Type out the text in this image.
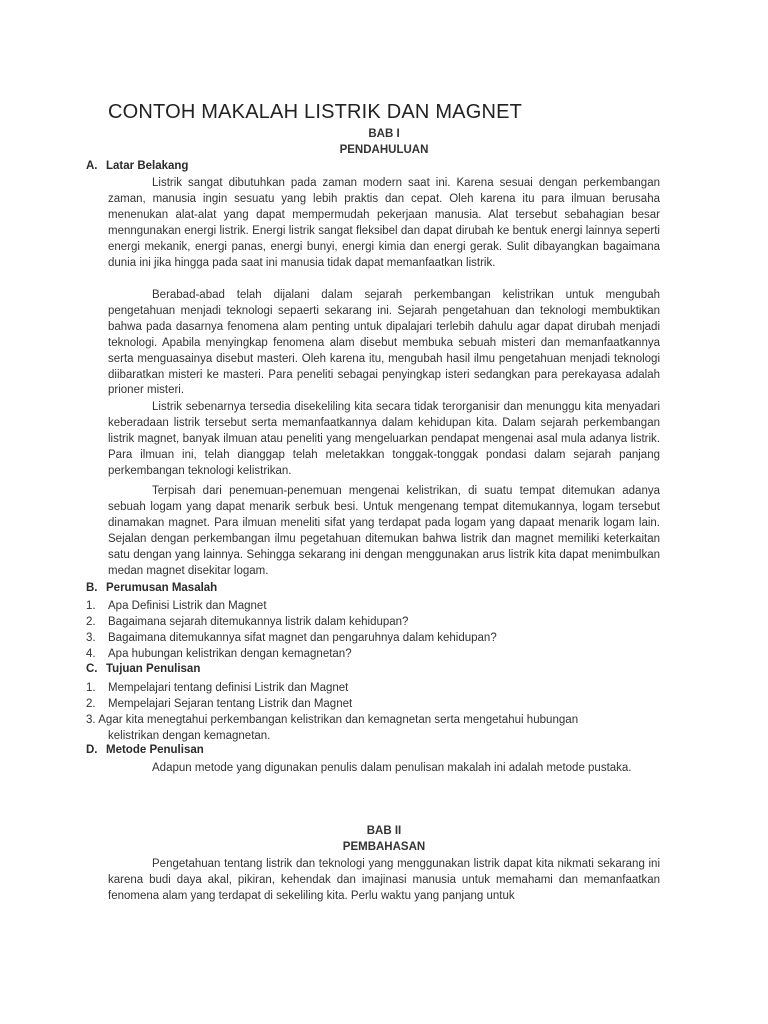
CONTOH MAKALAH LISTRIK DAN MAGNET
BAB I
PENDAHULUAN
A. Latar Belakang

Listrik sangat dibutuhkan pada zaman modern saat ini. Karena sesuai dengan perkembangan zaman, manusia ingin sesuatu yang lebih praktis dan cepat. Oleh karena itu para ilmuan berusaha menenukan alat-alat yang dapat mempermudah pekerjaan manusia. Alat tersebut sebahagian besar menngunakan energi listrik. Energi listrik sangat fleksibel dan dapat dirubah ke bentuk energi lainnya seperti energi mekanik, energi panas, energi bunyi, energi kimia dan energi gerak. Sulit dibayangkan bagaimana dunia ini jika hingga pada saat ini manusia tidak dapat memanfaatkan listrik.

Berabad-abad telah dijalani dalam sejarah perkembangan kelistrikan untuk mengubah pengetahuan menjadi teknologi sepaerti sekarang ini. Sejarah pengetahuan dan teknologi membuktikan bahwa pada dasarnya fenomena alam penting untuk dipalajari terlebih dahulu agar dapat dirubah menjadi teknologi. Apabila menyingkap fenomena alam disebut membuka sebuah misteri dan memanfaatkannya serta menguasainya disebut masteri. Oleh karena itu, mengubah hasil ilmu pengetahuan menjadi teknologi diibaratkan misteri ke masteri. Para peneliti sebagai penyingkap isteri sedangkan para perekayasa adalah prioner misteri.

Listrik sebenarnya tersedia disekeliling kita secara tidak terorganisir dan menunggu kita menyadari keberadaan listrik tersebut serta memanfaatkannya dalam kehidupan kita. Dalam sejarah perkembangan listrik magnet, banyak ilmuan atau peneliti yang mengeluarkan pendapat mengenai asal mula adanya listrik. Para ilmuan ini, telah dianggap telah meletakkan tonggak-tonggak pondasi dalam sejarah panjang perkembangan teknologi kelistrikan.

Terpisah dari penemuan-penemuan mengenai kelistrikan, di suatu tempat ditemukan adanya sebuah logam yang dapat menarik serbuk besi. Untuk mengenang tempat ditemukannya, logam tersebut dinamakan magnet. Para ilmuan meneliti sifat yang terdapat pada logam yang dapaat menarik logam lain. Sejalan dengan perkembangan ilmu pegetahuan ditemukan bahwa listrik dan magnet memiliki keterkaitan satu dengan yang lainnya. Sehingga sekarang ini dengan menggunakan arus listrik kita dapat menimbulkan medan magnet disekitar logam.

B. Perumusan Masalah
1. Apa Definisi Listrik dan Magnet
2. Bagaimana sejarah ditemukannya listrik dalam kehidupan?
3. Bagaimana ditemukannya sifat magnet dan pengaruhnya dalam kehidupan?
4. Apa hubungan kelistrikan dengan kemagnetan?
C. Tujuan Penulisan
1. Mempelajari tentang definisi Listrik dan Magnet
2. Mempelajari Sejaran tentang Listrik dan Magnet
3. Agar kita menegtahui perkembangan kelistrikan dan kemagnetan serta mengetahui hubungan
kelistrikan dengan kemagnetan.
D. Metode Penulisan

Adapun metode yang digunakan penulis dalam penulisan makalah ini adalah metode pustaka.

BAB II
PEMBAHASAN

Pengetahuan tentang listrik dan teknologi yang menggunakan listrik dapat kita nikmati sekarang ini karena budi daya akal, pikiran, kehendak dan imajinasi manusia untuk memahami dan memanfaatkan fenomena alam yang terdapat di sekeliling kita. Perlu waktu yang panjang untuk
